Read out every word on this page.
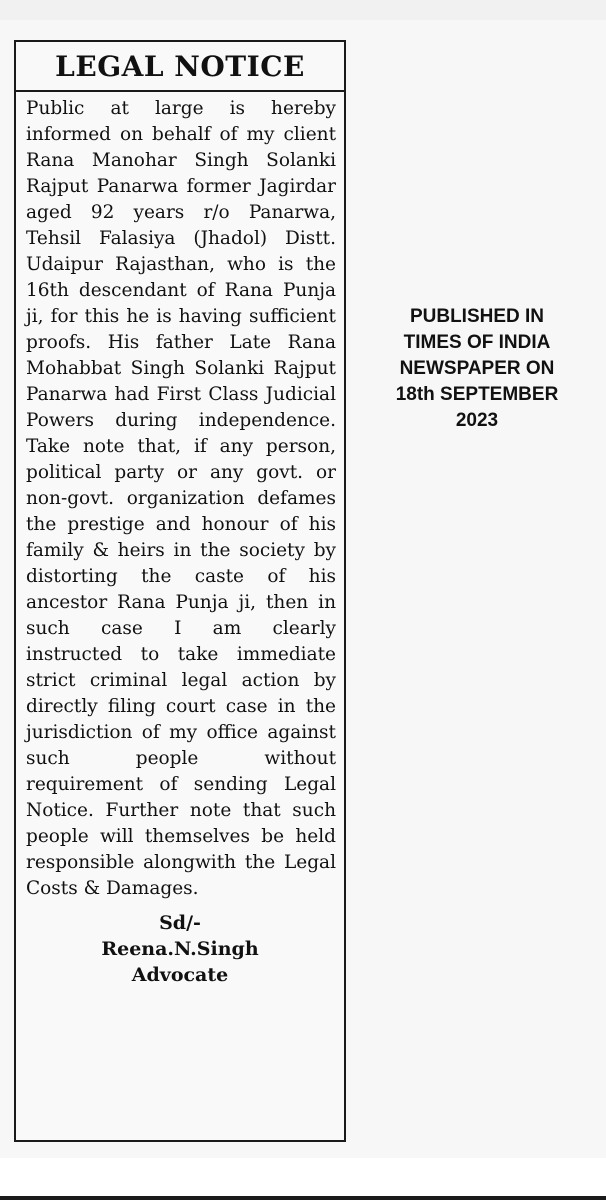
LEGAL NOTICE
Public at large is hereby informed on behalf of my client Rana Manohar Singh Solanki Rajput Panarwa former Jagirdar aged 92 years r/o Panarwa, Tehsil Falasiya (Jhadol) Distt. Udaipur Rajasthan, who is the 16th descendant of Rana Punja ji, for this he is having sufficient proofs. His father Late Rana Mohabbat Singh Solanki Rajput Panarwa had First Class Judicial Powers during independence. Take note that, if any person, political party or any govt. or non-govt. organization defames the prestige and honour of his family & heirs in the society by distorting the caste of his ancestor Rana Punja ji, then in such case I am clearly instructed to take immediate strict criminal legal action by directly filing court case in the jurisdiction of my office against such people without requirement of sending Legal Notice. Further note that such people will themselves be held responsible alongwith the Legal Costs & Damages.
Sd/-
Reena.N.Singh
Advocate
PUBLISHED IN
TIMES OF INDIA
NEWSPAPER ON
18th SEPTEMBER
2023
